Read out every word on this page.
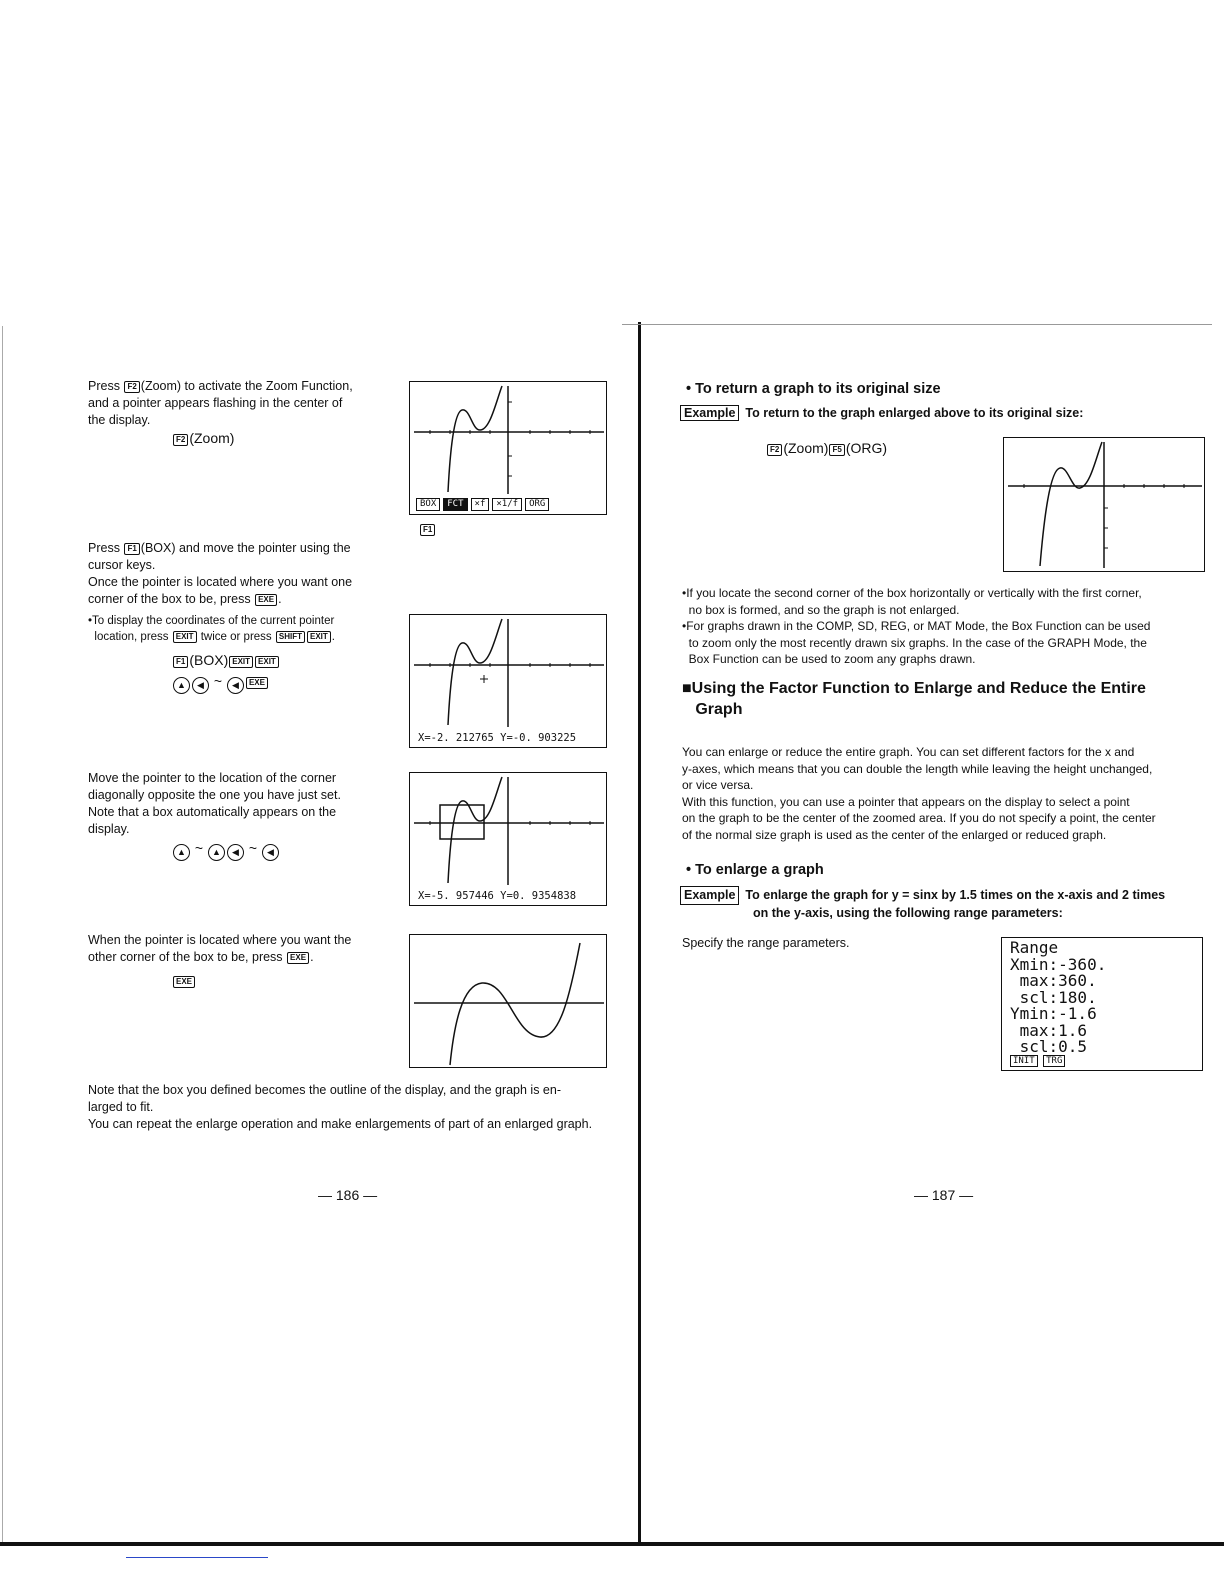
Press F2 (Zoom) to activate the Zoom Function,
and a pointer appears flashing in the center of
the display.
F2 (Zoom)
BOX FCT ×f ×1/f ORG
F1
Press F1 (BOX) and move the pointer using the
cursor keys.
Once the pointer is located where you want one
corner of the box to be, press EXE .
•To display the coordinates of the current pointer
location, press EXIT twice or press SHIFT EXIT .
F1 (BOX) EXIT EXIT
▲ ◀ ~ ◀ EXE
X=-2. 212765 Y=-0. 903225
Move the pointer to the location of the corner
diagonally opposite the one you have just set.
Note that a box automatically appears on the
display.
▲ ~ ▲ ◀ ~ ◀
X=-5. 957446 Y=0. 9354838
When the pointer is located where you want the
other corner of the box to be, press EXE .
EXE
Note that the box you defined becomes the outline of the display, and the graph is en-
larged to fit.
You can repeat the enlarge operation and make enlargements of part of an enlarged graph.
— 186 —
• To return a graph to its original size
Example To return to the graph enlarged above to its original size:
F2 (Zoom) F5 (ORG)
•If you locate the second corner of the box horizontally or vertically with the first corner,
no box is formed, and so the graph is not enlarged.
•For graphs drawn in the COMP, SD, REG, or MAT Mode, the Box Function can be used
to zoom only the most recently drawn six graphs. In the case of the GRAPH Mode, the
Box Function can be used to zoom any graphs drawn.
■Using the Factor Function to Enlarge and Reduce the Entire
Graph
You can enlarge or reduce the entire graph. You can set different factors for the x and
y-axes, which means that you can double the length while leaving the height unchanged,
or vice versa.
With this function, you can use a pointer that appears on the display to select a point
on the graph to be the center of the zoomed area. If you do not specify a point, the center
of the normal size graph is used as the center of the enlarged or reduced graph.
• To enlarge a graph
Example To enlarge the graph for y = sinx by 1.5 times on the x-axis and 2 times
on the y-axis, using the following range parameters:
Specify the range parameters.	Range
Xmin:-360.
max:360.
scl:180.
Ymin:-1.6
max:1.6
scl:0.5
INIT TRG
— 187 —
